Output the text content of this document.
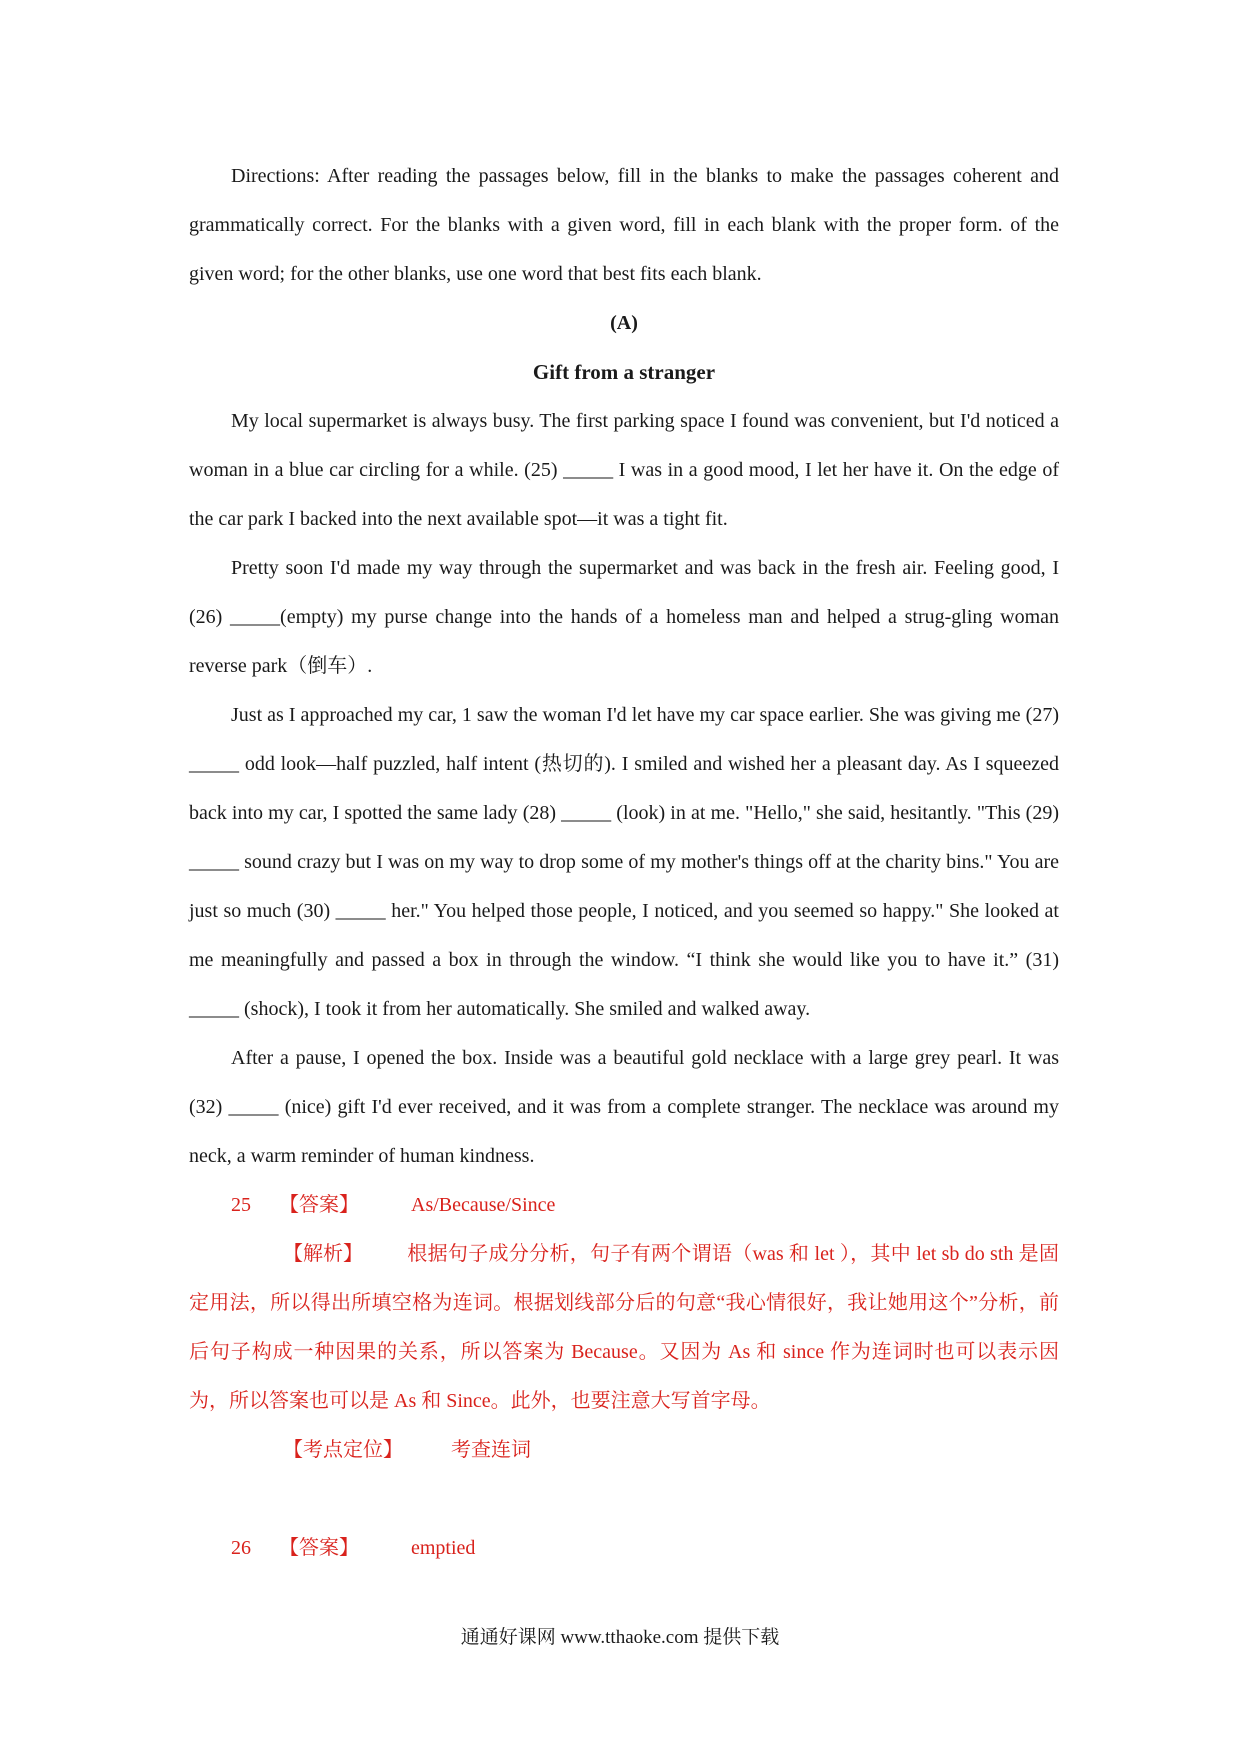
Directions: After reading the passages below, fill in the blanks to make the passages coherent and grammatically correct. For the blanks with a given word, fill in each blank with the proper form. of the given word; for the other blanks, use one word that best fits each blank.

(A)

Gift from a stranger

My local supermarket is always busy. The first parking space I found was convenient, but I'd noticed a woman in a blue car circling for a while. (25) _____ I was in a good mood, I let her have it. On the edge of the car park I backed into the next available spot—it was a tight fit.

Pretty soon I'd made my way through the supermarket and was back in the fresh air. Feeling good, I (26) _____(empty) my purse change into the hands of a homeless man and helped a strug-gling woman reverse park（倒车）.

Just as I approached my car, 1 saw the woman I'd let have my car space earlier. She was giving me (27) _____ odd look—half puzzled, half intent (热切的). I smiled and wished her a pleasant day. As I squeezed back into my car, I spotted the same lady (28) _____ (look) in at me. "Hello," she said, hesitantly. "This (29) _____ sound crazy but I was on my way to drop some of my mother's things off at the charity bins." You are just so much (30) _____ her." You helped those people, I noticed, and you seemed so happy." She looked at me meaningfully and passed a box in through the window. “I think she would like you to have it.” (31) _____ (shock), I took it from her automatically. She smiled and walked away.

After a pause, I opened the box. Inside was a beautiful gold necklace with a large grey pearl. It was (32) _____ (nice) gift I'd ever received, and it was from a complete stranger. The necklace was around my neck, a warm reminder of human kindness.

25 【答案】	As/Because/Since

【解析】 根据句子成分分析，句子有两个谓语（was 和 let ），其中 let sb do sth 是固定用法，所以得出所填空格为连词。根据划线部分后的句意“我心情很好，我让她用这个”分析，前后句子构成一种因果的关系，所以答案为 Because。又因为 As 和 since 作为连词时也可以表示因为，所以答案也可以是 As 和 Since。此外，也要注意大写首字母。

【考点定位】 考查连词
26 【答案】	emptied
通通好课网 www.tthaoke.com 提供下载
